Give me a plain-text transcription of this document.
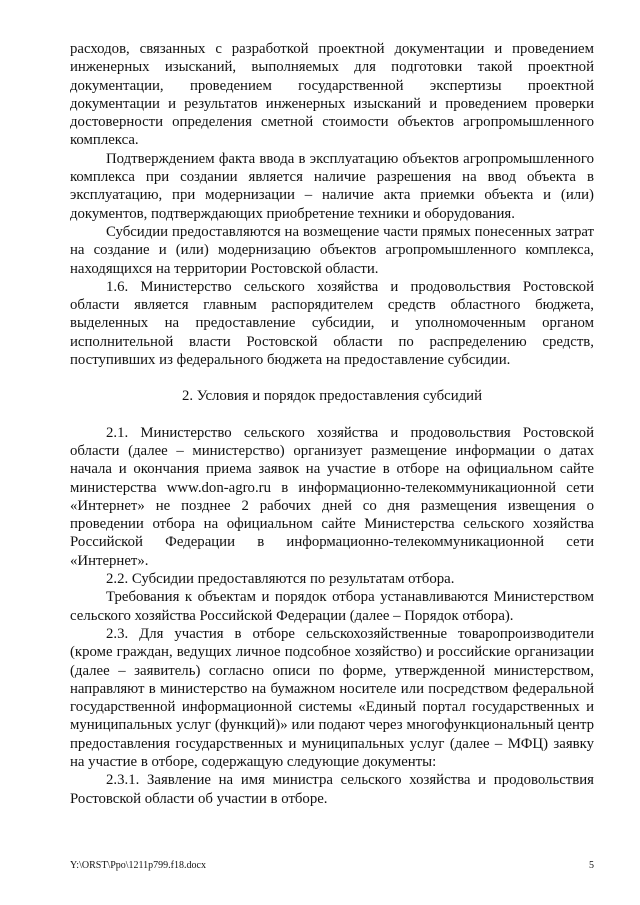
расходов, связанных с разработкой проектной документации и проведением инженерных изысканий, выполняемых для подготовки такой проектной документации, проведением государственной экспертизы проектной документации и результатов инженерных изысканий и проведением проверки достоверности определения сметной стоимости объектов агропромышленного комплекса.

Подтверждением факта ввода в эксплуатацию объектов агропромышленного комплекса при создании является наличие разрешения на ввод объекта в эксплуатацию, при модернизации – наличие акта приемки объекта и (или) документов, подтверждающих приобретение техники и оборудования.

Субсидии предоставляются на возмещение части прямых понесенных затрат на создание и (или) модернизацию объектов агропромышленного комплекса, находящихся на территории Ростовской области.

1.6. Министерство сельского хозяйства и продовольствия Ростовской области является главным распорядителем средств областного бюджета, выделенных на предоставление субсидии, и уполномоченным органом исполнительной власти Ростовской области по распределению средств, поступивших из федерального бюджета на предоставление субсидии.

2. Условия и порядок предоставления субсидий

2.1. Министерство сельского хозяйства и продовольствия Ростовской области (далее – министерство) организует размещение информации о датах начала и окончания приема заявок на участие в отборе на официальном сайте министерства www.don-agro.ru в информационно-телекоммуникационной сети «Интернет» не позднее 2 рабочих дней со дня размещения извещения о проведении отбора на официальном сайте Министерства сельского хозяйства Российской Федерации в информационно-телекоммуникационной сети «Интернет».

2.2. Субсидии предоставляются по результатам отбора.

Требования к объектам и порядок отбора устанавливаются Министерством сельского хозяйства Российской Федерации (далее – Порядок отбора).

2.3. Для участия в отборе сельскохозяйственные товаропроизводители (кроме граждан, ведущих личное подсобное хозяйство) и российские организации (далее – заявитель) согласно описи по форме, утвержденной министерством, направляют в министерство на бумажном носителе или посредством федеральной государственной информационной системы «Единый портал государственных и муниципальных услуг (функций)» или подают через многофункциональный центр предоставления государственных и муниципальных услуг (далее – МФЦ) заявку на участие в отборе, содержащую следующие документы:

2.3.1. Заявление на имя министра сельского хозяйства и продовольствия Ростовской области об участии в отборе.

Y:\ORST\Ppo\1211p799.f18.docx	5
